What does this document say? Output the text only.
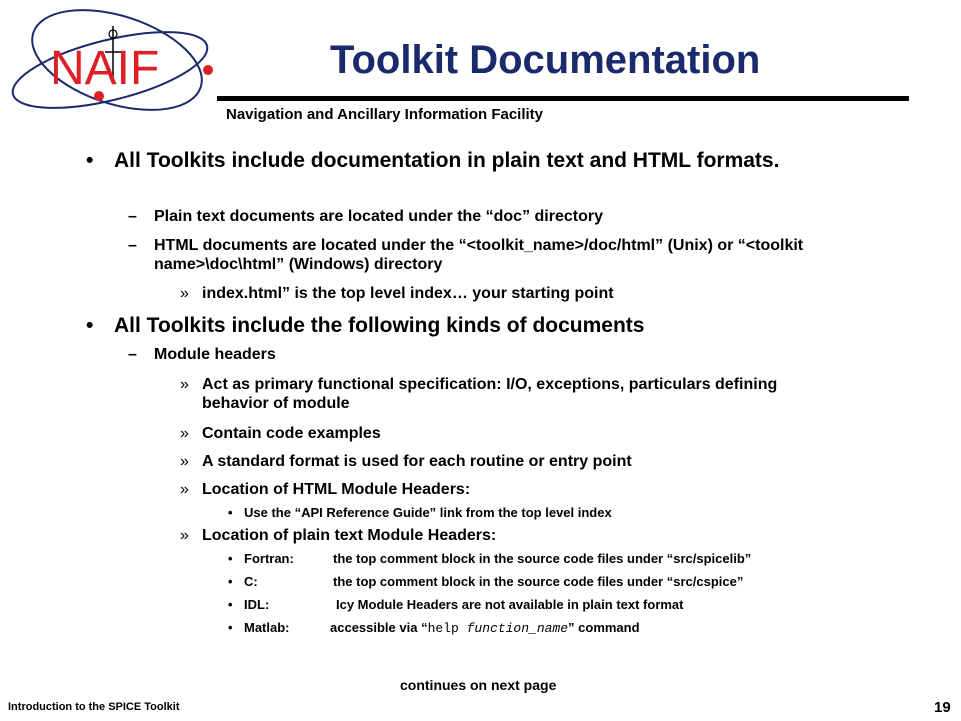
NAIF	Toolkit Documentation
Navigation and Ancillary Information Facility
• All Toolkits include documentation in plain text and HTML formats.
– Plain text documents are located under the “doc” directory
– HTML documents are located under the “<toolkit_name>/doc/html” (Unix) or “<toolkit name>\doc\html” (Windows) directory
» index.html” is the top level index… your starting point
• All Toolkits include the following kinds of documents
– Module headers
» Act as primary functional specification: I/O, exceptions, particulars defining behavior of module
» Contain code examples
» A standard format is used for each routine or entry point
» Location of HTML Module Headers:
• Use the “API Reference Guide” link from the top level index
» Location of plain text Module Headers:
• Fortran:	the top comment block in the source code files under “src/spicelib”
• C:	the top comment block in the source code files under “src/cspice”
• IDL:	Icy Module Headers are not available in plain text format
• Matlab:	accessible via “help function_name” command
continues on next page
Introduction to the SPICE Toolkit	19
